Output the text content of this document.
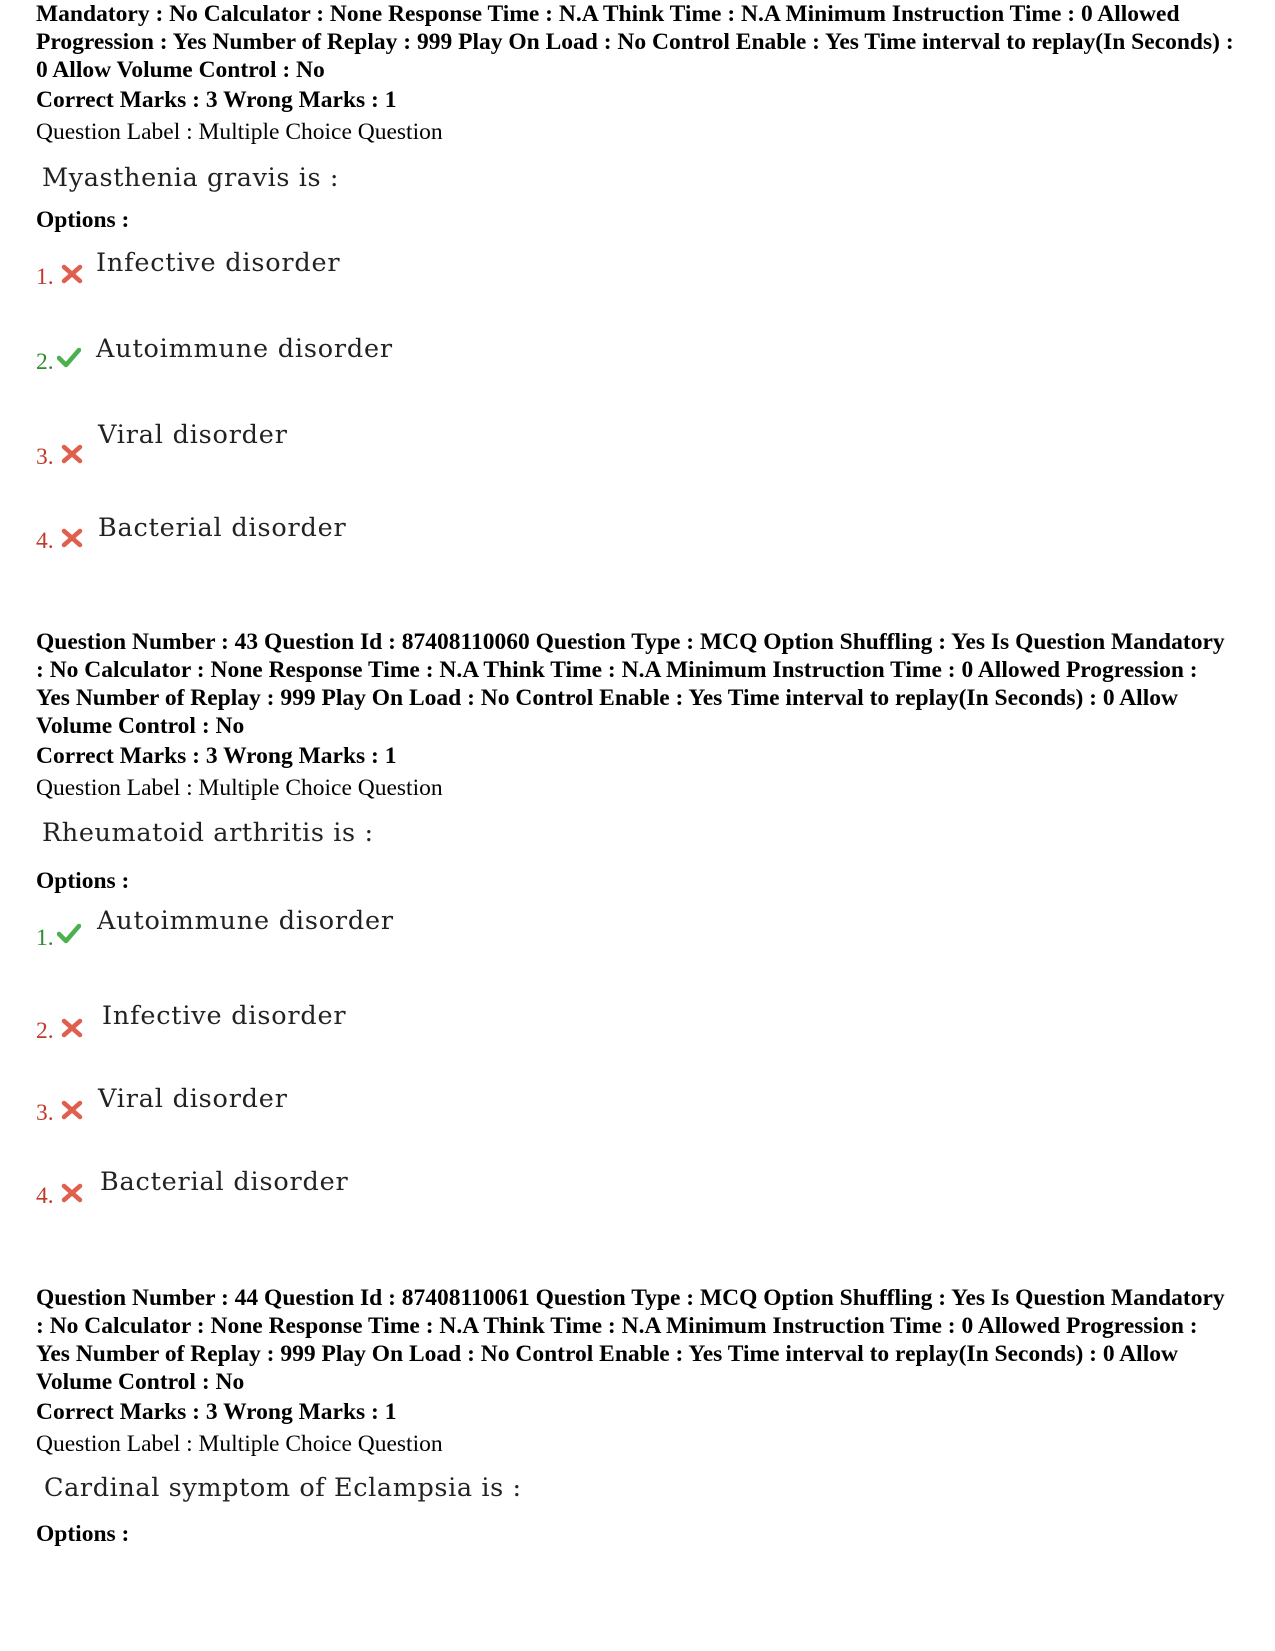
Mandatory : No Calculator : None Response Time : N.A Think Time : N.A Minimum Instruction Time : 0 Allowed Progression : Yes Number of Replay : 999 Play On Load : No Control Enable : Yes Time interval to replay(In Seconds) : 0 Allow Volume Control : No
Correct Marks : 3 Wrong Marks : 1
Question Label : Multiple Choice Question
Myasthenia gravis is :
Options :
1. Infective disorder
2. Autoimmune disorder
3.
Viral disorder
4. Bacterial disorder
Question Number : 43 Question Id : 87408110060 Question Type : MCQ Option Shuffling : Yes Is Question Mandatory : No Calculator : None Response Time : N.A Think Time : N.A Minimum Instruction Time : 0 Allowed Progression : Yes Number of Replay : 999 Play On Load : No Control Enable : Yes Time interval to replay(In Seconds) : 0 Allow Volume Control : No
Correct Marks : 3 Wrong Marks : 1
Question Label : Multiple Choice Question
Rheumatoid arthritis is :
Options :
1.
Autoimmune disorder
2. Infective disorder
3. Viral disorder
4. Bacterial disorder
Question Number : 44 Question Id : 87408110061 Question Type : MCQ Option Shuffling : Yes Is Question Mandatory : No Calculator : None Response Time : N.A Think Time : N.A Minimum Instruction Time : 0 Allowed Progression : Yes Number of Replay : 999 Play On Load : No Control Enable : Yes Time interval to replay(In Seconds) : 0 Allow Volume Control : No
Correct Marks : 3 Wrong Marks : 1
Question Label : Multiple Choice Question
Cardinal symptom of Eclampsia is :
Options :
